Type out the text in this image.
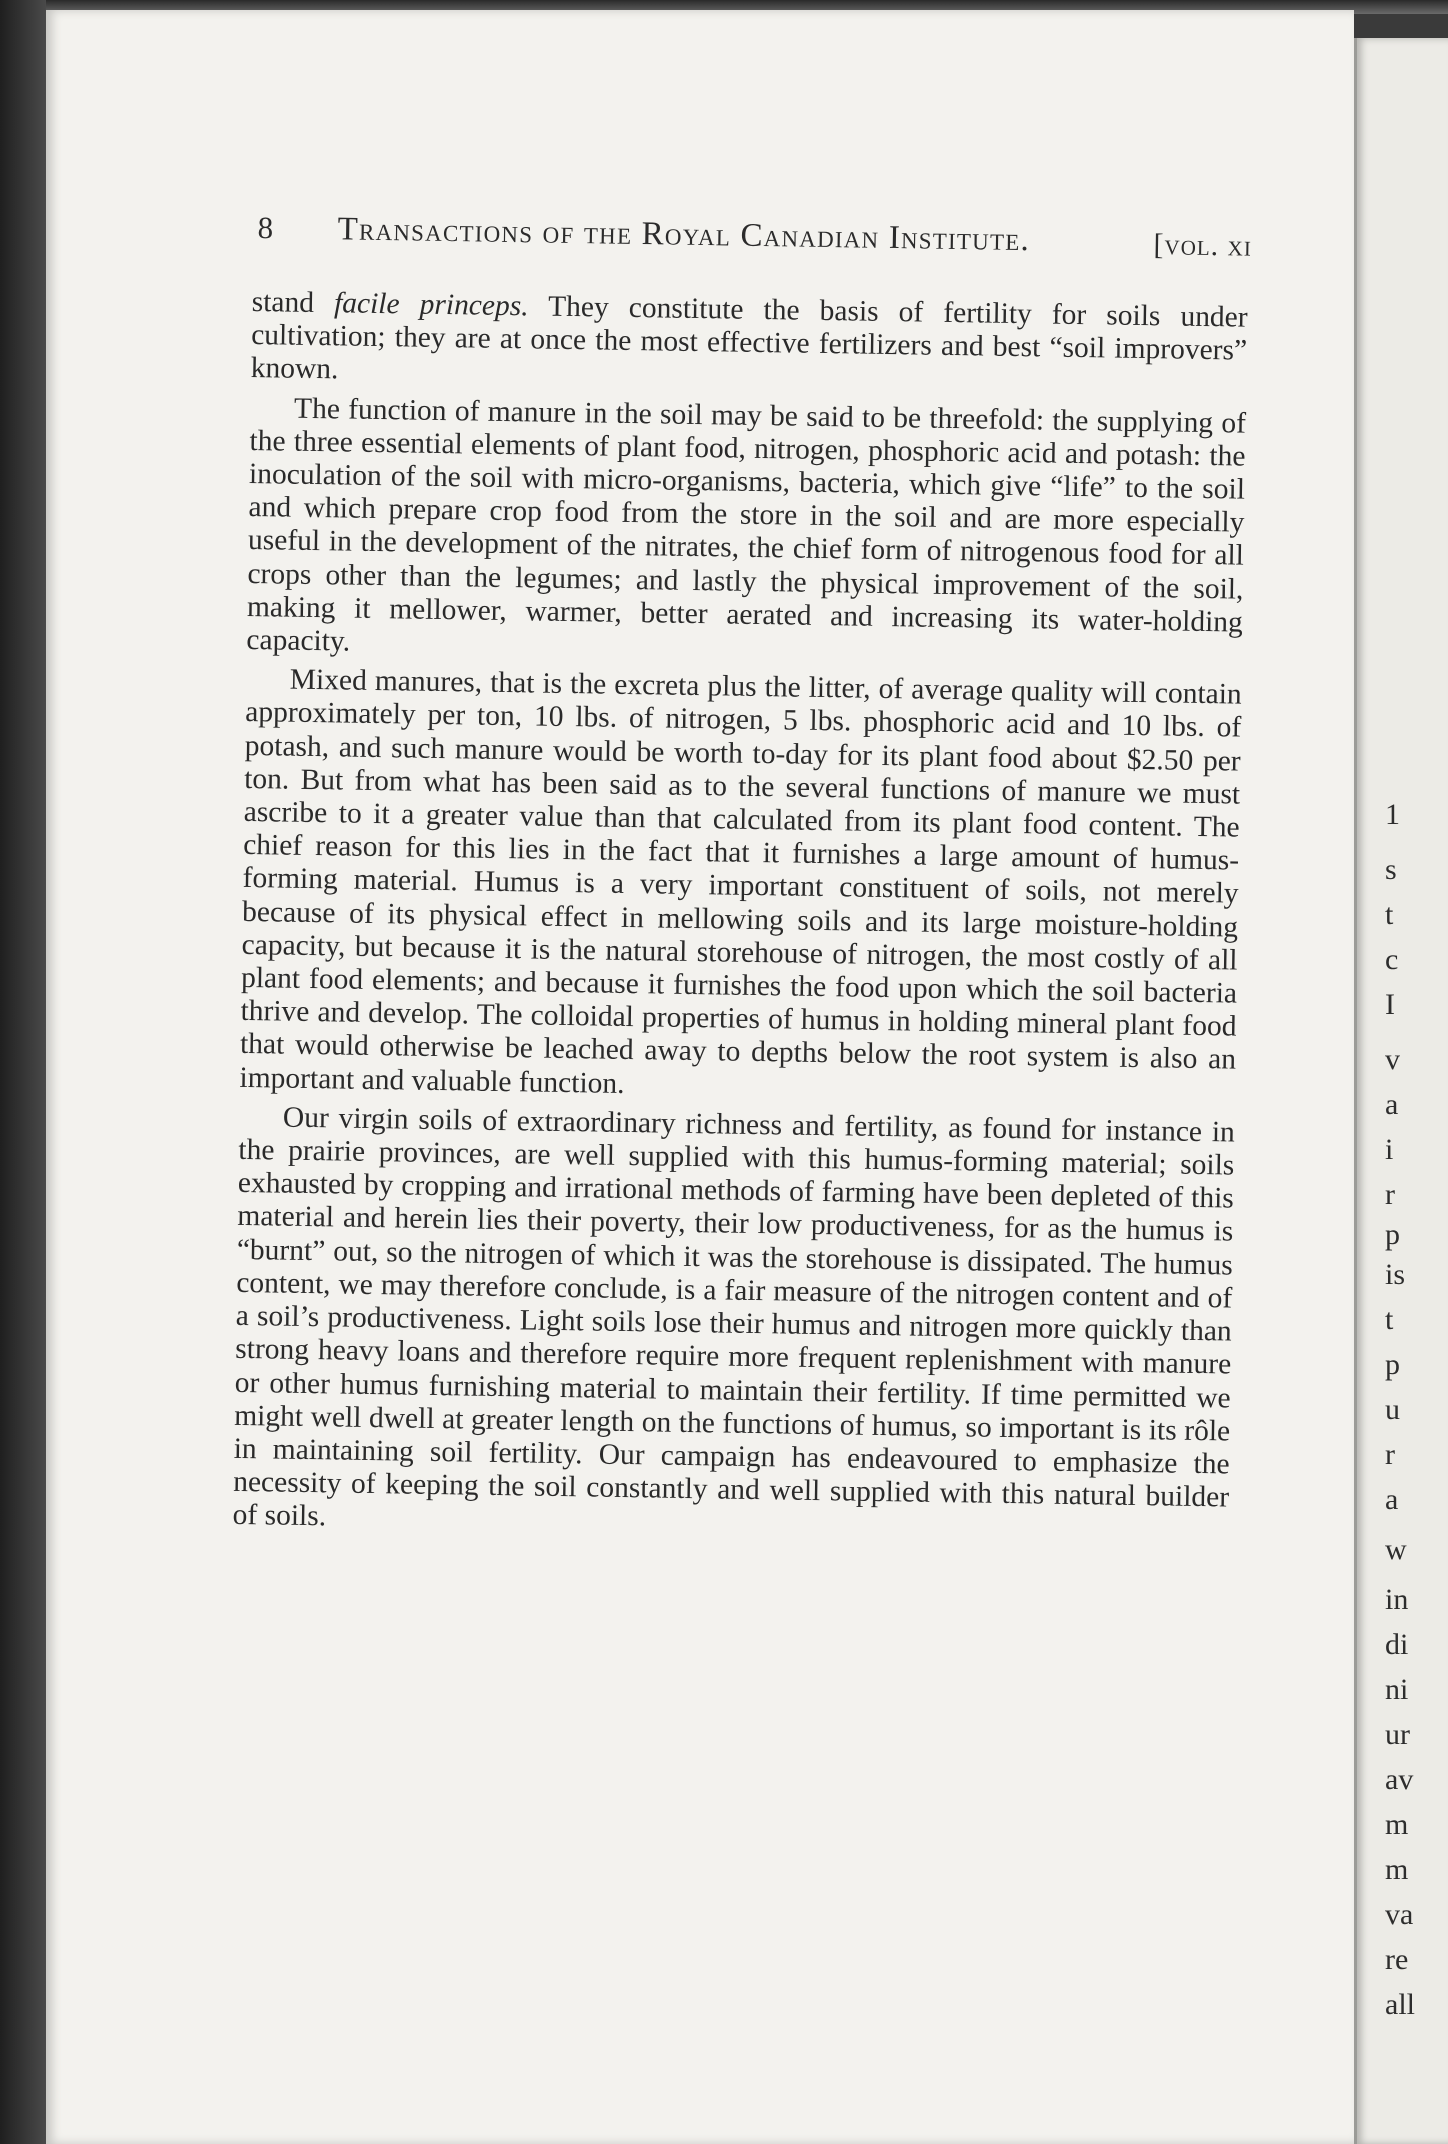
1
s
t
c
I
v
a
i
r
p
is
t
p
u
r
a
w
in
di
ni
ur
av
m
m
va
re
all
8 Transactions of the Royal Canadian Institute.	[vol. xi

stand facile princeps. They constitute the basis of fertility for soils under cultivation; they are at once the most effective fertilizers and best “soil improvers” known.

The function of manure in the soil may be said to be threefold: the supplying of the three essential elements of plant food, nitrogen, phosphoric acid and potash: the inoculation of the soil with micro-organisms, bacteria, which give “life” to the soil and which prepare crop food from the store in the soil and are more especially useful in the development of the nitrates, the chief form of nitrogenous food for all crops other than the legumes; and lastly the physical improvement of the soil, making it mellower, warmer, better aerated and increasing its water-holding capacity.

Mixed manures, that is the excreta plus the litter, of average quality will contain approximately per ton, 10 lbs. of nitrogen, 5 lbs. phosphoric acid and 10 lbs. of potash, and such manure would be worth to-day for its plant food about $2.50 per ton. But from what has been said as to the several functions of manure we must ascribe to it a greater value than that calculated from its plant food content. The chief reason for this lies in the fact that it furnishes a large amount of humus-forming material. Humus is a very important constituent of soils, not merely because of its physical effect in mellowing soils and its large moisture-holding capacity, but because it is the natural storehouse of nitrogen, the most costly of all plant food elements; and because it furnishes the food upon which the soil bacteria thrive and develop. The colloidal properties of humus in holding mineral plant food that would otherwise be leached away to depths below the root system is also an important and valuable function.

Our virgin soils of extraordinary richness and fertility, as found for instance in the prairie provinces, are well supplied with this humus-forming material; soils exhausted by cropping and irrational methods of farming have been depleted of this material and herein lies their poverty, their low productiveness, for as the humus is “burnt” out, so the nitrogen of which it was the storehouse is dissipated. The humus content, we may therefore conclude, is a fair measure of the nitrogen content and of a soil’s productiveness. Light soils lose their humus and nitrogen more quickly than strong heavy loans and therefore require more frequent replenishment with manure or other humus furnishing material to maintain their fertility. If time permitted we might well dwell at greater length on the functions of humus, so important is its rôle in maintaining soil fertility. Our campaign has endeavoured to emphasize the necessity of keeping the soil constantly and well supplied with this natural builder of soils.
